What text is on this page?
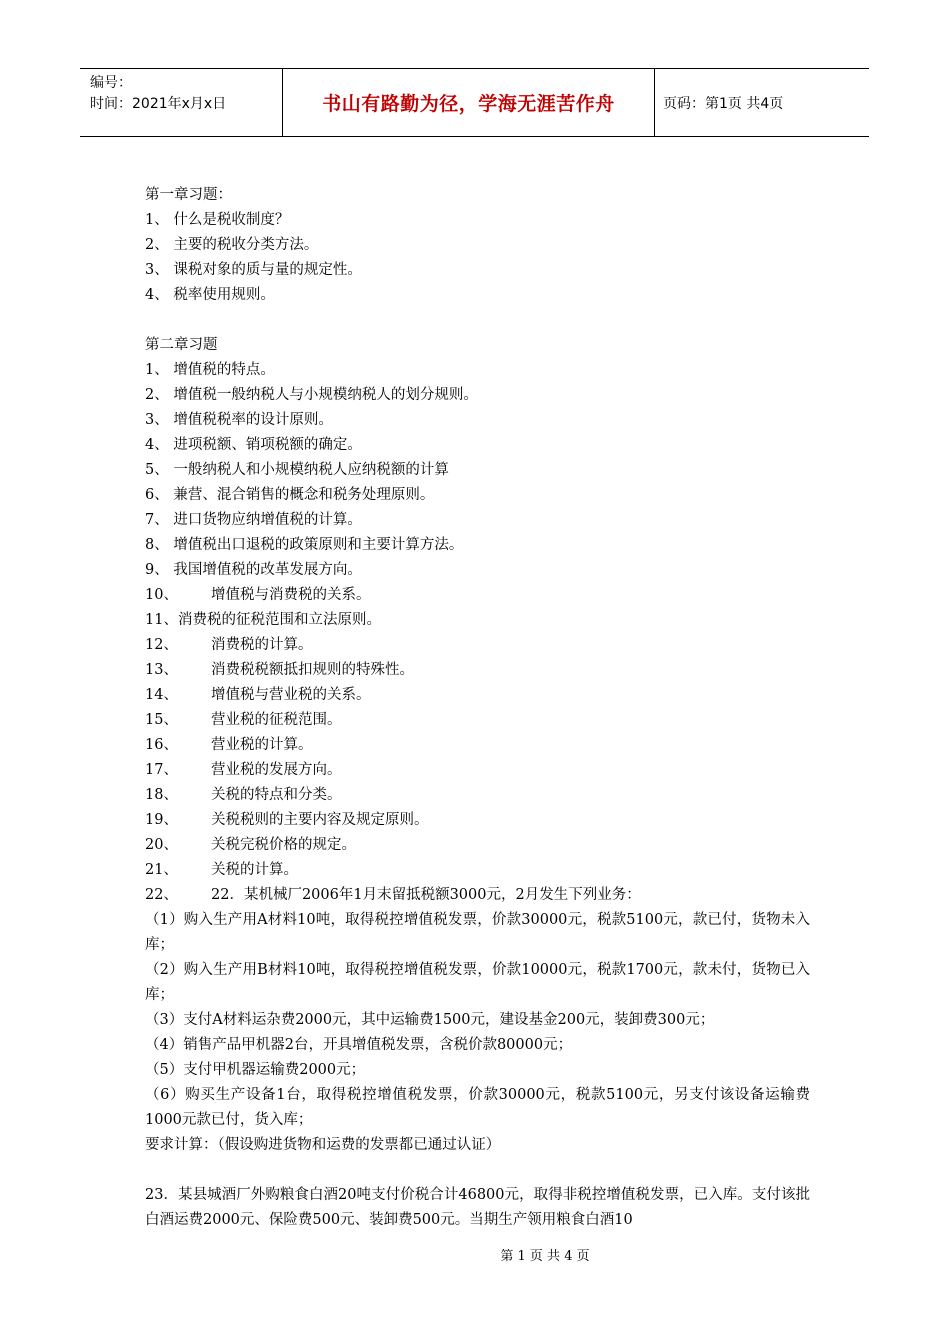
编号：
时间：2021年x月x日	书山有路勤为径，学海无涯苦作舟	页码：第1页 共4页
第一章习题：
1、 什么是税收制度？
2、 主要的税收分类方法。
3、 课税对象的质与量的规定性。
4、 税率使用规则。
第二章习题
1、 增值税的特点。
2、 增值税一般纳税人与小规模纳税人的划分规则。
3、 增值税税率的设计原则。
4、 进项税额、销项税额的确定。
5、 一般纳税人和小规模纳税人应纳税额的计算
6、 兼营、混合销售的概念和税务处理原则。
7、 进口货物应纳增值税的计算。
8、 增值税出口退税的政策原则和主要计算方法。
9、 我国增值税的改革发展方向。
10、 增值税与消费税的关系。
11、消费税的征税范围和立法原则。
12、 消费税的计算。
13、 消费税税额抵扣规则的特殊性。
14、 增值税与营业税的关系。
15、 营业税的征税范围。
16、 营业税的计算。
17、 营业税的发展方向。
18、 关税的特点和分类。
19、 关税税则的主要内容及规定原则。
20、 关税完税价格的规定。
21、 关税的计算。
22、 22．某机械厂2006年1月末留抵税额3000元，2月发生下列业务：
（1）购入生产用A材料10吨，取得税控增值税发票，价款30000元，税款5100元，款已付，货物未入库；
（2）购入生产用B材料10吨，取得税控增值税发票，价款10000元，税款1700元，款未付，货物已入库；
（3）支付A材料运杂费2000元，其中运输费1500元，建设基金200元，装卸费300元；
（4）销售产品甲机器2台，开具增值税发票，含税价款80000元；
（5）支付甲机器运输费2000元；
（6）购买生产设备1台，取得税控增值税发票，价款30000元，税款5100元，另支付该设备运输费1000元款已付，货入库；
要求计算：（假设购进货物和运费的发票都已通过认证）
23．某县城酒厂外购粮食白酒20吨支付价税合计46800元，取得非税控增值税发票，已入库。支付该批白酒运费2000元、保险费500元、装卸费500元。当期生产领用粮食白酒10
第 1 页 共 4 页
